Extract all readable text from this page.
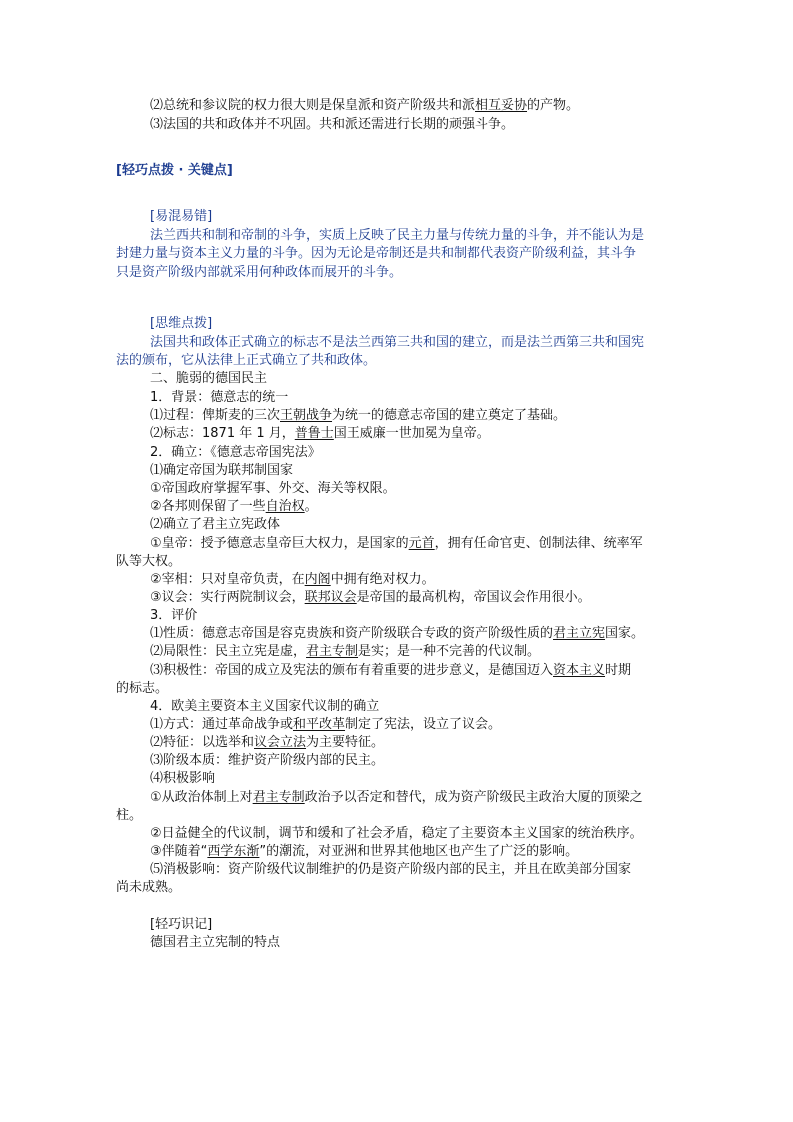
⑵总统和参议院的权力很大则是保皇派和资产阶级共和派相互妥协的产物。
⑶法国的共和政体并不巩固。共和派还需进行长期的顽强斗争。
[轻巧点拨 · 关键点]
[易混易错]
法兰西共和制和帝制的斗争，实质上反映了民主力量与传统力量的斗争，并不能认为是
封建力量与资本主义力量的斗争。因为无论是帝制还是共和制都代表资产阶级利益，其斗争
只是资产阶级内部就采用何种政体而展开的斗争。
[思维点拨]
法国共和政体正式确立的标志不是法兰西第三共和国的建立，而是法兰西第三共和国宪
法的颁布，它从法律上正式确立了共和政体。
二、脆弱的德国民主
1．背景：德意志的统一
⑴过程：俾斯麦的三次王朝战争为统一的德意志帝国的建立奠定了基础。
⑵标志：1871 年 1 月，普鲁士国王威廉一世加冕为皇帝。
2．确立：《德意志帝国宪法》
⑴确定帝国为联邦制国家
①帝国政府掌握军事、外交、海关等权限。
②各邦则保留了一些自治权。
⑵确立了君主立宪政体
①皇帝：授予德意志皇帝巨大权力，是国家的元首，拥有任命官吏、创制法律、统率军
队等大权。
②宰相：只对皇帝负责，在内阁中拥有绝对权力。
③议会：实行两院制议会，联邦议会是帝国的最高机构，帝国议会作用很小。
3．评价
⑴性质：德意志帝国是容克贵族和资产阶级联合专政的资产阶级性质的君主立宪国家。
⑵局限性：民主立宪是虚，君主专制是实；是一种不完善的代议制。
⑶积极性：帝国的成立及宪法的颁布有着重要的进步意义，是德国迈入资本主义时期
的标志。
4．欧美主要资本主义国家代议制的确立
⑴方式：通过革命战争或和平改革制定了宪法，设立了议会。
⑵特征：以选举和议会立法为主要特征。
⑶阶级本质：维护资产阶级内部的民主。
⑷积极影响
①从政治体制上对君主专制政治予以否定和替代，成为资产阶级民主政治大厦的顶梁之
柱。
②日益健全的代议制，调节和缓和了社会矛盾，稳定了主要资本主义国家的统治秩序。
③伴随着“西学东渐”的潮流，对亚洲和世界其他地区也产生了广泛的影响。
⑸消极影响：资产阶级代议制维护的仍是资产阶级内部的民主，并且在欧美部分国家
尚未成熟。
[轻巧识记]
德国君主立宪制的特点
